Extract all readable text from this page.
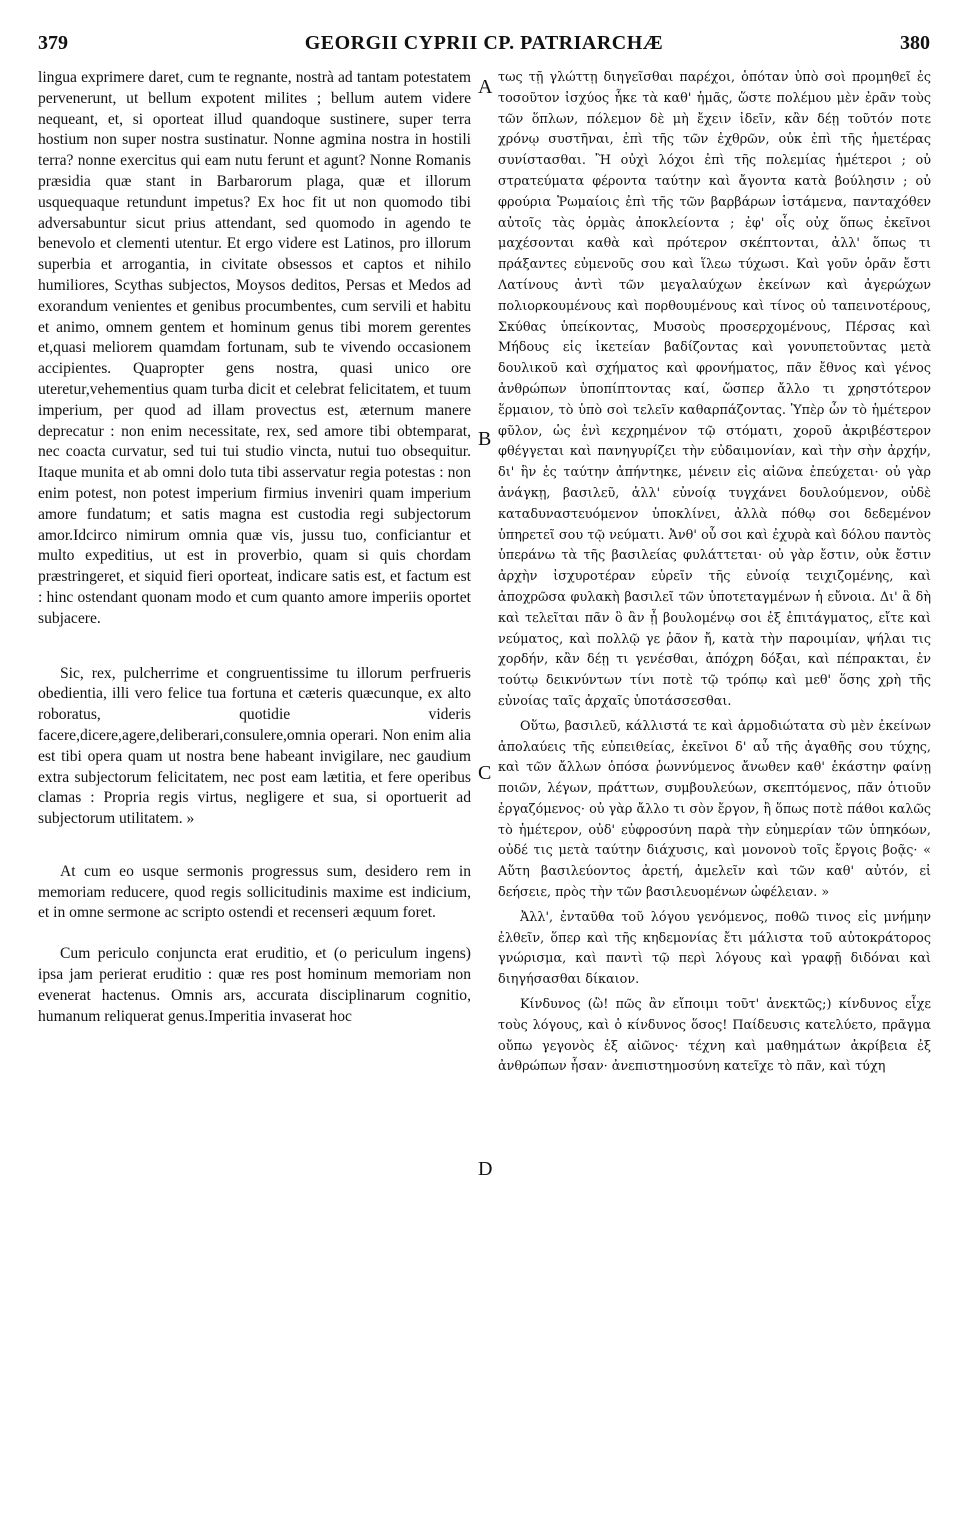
379	GEORGII CYPRII CP. PATRIARCHÆ	380

lingua exprimere daret, cum te regnante, nostrà ad tantam potestatem pervenerunt, ut bellum expotent milites ; bellum autem videre nequeant, et, si oporteat illud quandoque sustinere, super terra hostium non super nostra sustinatur. Nonne agmina nostra in hostili terra? nonne exercitus qui eam nutu ferunt et agunt? Nonne Romanis præsidia quæ stant in Barbarorum plaga, quæ et illorum usquequaque retundunt impetus? Ex hoc fit ut non quomodo tibi adversabuntur sicut prius attendant, sed quomodo in agendo te benevolo et clementi utentur. Et ergo videre est Latinos, pro illorum superbia et arrogantia, in civitate obsessos et captos et nihilo humiliores, Scythas subjectos, Moysos deditos, Persas et Medos ad exorandum venientes et genibus procumbentes, cum servili et habitu et animo, omnem gentem et hominum genus tibi morem gerentes et,quasi meliorem quamdam fortunam, sub te vivendo occasionem accipientes. Quapropter gens nostra, quasi unico ore uteretur,vehementius quam turba dicit et celebrat felicitatem, et tuum imperium, per quod ad illam provectus est, æternum manere deprecatur : non enim necessitate, rex, sed amore tibi obtemparat, nec coacta curvatur, sed tui tui studio vincta, nutui tuo obsequitur. Itaque munita et ab omni dolo tuta tibi asservatur regia potestas : non enim potest, non potest imperium firmius inveniri quam imperium amore fundatum; et satis magna est custodia regi subjectorum amor.Idcirco nimirum omnia quæ vis, jussu tuo, conficiantur et multo expeditius, ut est in proverbio, quam si quis chordam præstringeret, et siquid fieri oporteat, indicare satis est, et factum est : hinc ostendant quonam modo et cum quanto amore imperiis oportet subjacere.

Sic, rex, pulcherrime et congruentissime tu illorum perfrueris obedientia, illi vero felice tua fortuna et cæteris quæcunque, ex alto roboratus, quotidie videris facere,dicere,agere,deliberari,consulere,omnia operari. Non enim alia est tibi opera quam ut nostra bene habeant invigilare, nec gaudium extra subjectorum felicitatem, nec post eam lætitia, et fere operibus clamas : Propria regis virtus, negligere et sua, si oportuerit ad subjectorum utilitatem. »

At cum eo usque sermonis progressus sum, desidero rem in memoriam reducere, quod regis sollicitudinis maxime est indicium, et in omne sermone ac scripto ostendi et recenseri æquum foret.

Cum periculo conjuncta erat eruditio, et (o periculum ingens) ipsa jam perierat eruditio : quæ res post hominum memoriam non evenerat hactenus. Omnis ars, accurata disciplinarum cognitio, humanum reliquerat genus.Imperitia invaserat hoc

A
B
C
D

τως τῇ γλώττῃ διηγεῖσθαι παρέχοι, ὁπόταν ὑπὸ σοὶ προμηθεῖ ἐς τοσοῦτον ἰσχύος ἧκε τὰ καθ' ἡμᾶς, ὥστε πολέμου μὲν ἐρᾶν τοὺς τῶν ὅπλων, πόλεμον δὲ μὴ ἔχειν ἰδεῖν, κἂν δέῃ τοῦτόν ποτε χρόνῳ συστῆναι, ἐπὶ τῆς τῶν ἐχθρῶν, οὐκ ἐπὶ τῆς ἡμετέρας συνίστασθαι. Ἢ οὐχὶ λόχοι ἐπὶ τῆς πολεμίας ἡμέτεροι ; οὐ στρατεύματα φέροντα ταύτην καὶ ἄγοντα κατὰ βούλησιν ; οὐ φρούρια Ῥωμαίοις ἐπὶ τῆς τῶν βαρβάρων ἱστάμενα, πανταχόθεν αὐτοῖς τὰς ὁρμὰς ἀποκλείοντα ; ἐφ' οἷς οὐχ ὅπως ἐκεῖνοι μαχέσονται καθὰ καὶ πρότερον σκέπτονται, ἀλλ' ὅπως τι πράξαντες εὐμενοῦς σου καὶ ἵλεω τύχωσι. Καὶ γοῦν ὁρᾶν ἔστι Λατίνους ἀντὶ τῶν μεγαλαύχων ἐκείνων καὶ ἀγερώχων πολιορκουμένους καὶ πορθουμένους καὶ τίνος οὐ ταπεινοτέρους, Σκύθας ὑπείκοντας, Μυσοὺς προσερχομένους, Πέρσας καὶ Μήδους εἰς ἱκετείαν βαδίζοντας καὶ γονυπετοῦντας μετὰ δουλικοῦ καὶ σχήματος καὶ φρονήματος, πᾶν ἔθνος καὶ γένος ἀνθρώπων ὑποπίπτοντας καί, ὥσπερ ἄλλο τι χρηστότερον ἕρμαιον, τὸ ὑπὸ σοὶ τελεῖν καθαρπάζοντας. Ὑπὲρ ὧν τὸ ἡμέτερον φῦλον, ὡς ἑνὶ κεχρημένον τῷ στόματι, χοροῦ ἀκριβέστερον φθέγγεται καὶ πανηγυρίζει τὴν εὐδαιμονίαν, καὶ τὴν σὴν ἀρχήν, δι' ἣν ἐς ταύτην ἀπήντηκε, μένειν εἰς αἰῶνα ἐπεύχεται· οὐ γὰρ ἀνάγκῃ, βασιλεῦ, ἀλλ' εὐνοίᾳ τυγχάνει δουλούμενον, οὐδὲ καταδυναστευόμενον ὑποκλίνει, ἀλλὰ πόθῳ σοι δεδεμένον ὑπηρετεῖ σου τῷ νεύματι. Ἀνθ' οὗ σοι καὶ ἐχυρὰ καὶ δόλου παντὸς ὑπεράνω τὰ τῆς βασιλείας φυλάττεται· οὐ γὰρ ἔστιν, οὐκ ἔστιν ἀρχὴν ἰσχυροτέραν εὑρεῖν τῆς εὐνοίᾳ τειχιζομένης, καὶ ἀποχρῶσα φυλακὴ βασιλεῖ τῶν ὑποτεταγμένων ἡ εὔνοια. Δι' ἃ δὴ καὶ τελεῖται πᾶν ὃ ἂν ᾖ βουλομένῳ σοι ἐξ ἐπιτάγματος, εἴτε καὶ νεύματος, καὶ πολλῷ γε ῥᾶον ἤ, κατὰ τὴν παροιμίαν, ψήλαι τις χορδήν, κἂν δέῃ τι γενέσθαι, ἀπόχρη δόξαι, καὶ πέπρακται, ἐν τούτῳ δεικνύντων τίνι ποτὲ τῷ τρόπῳ καὶ μεθ' ὅσης χρὴ τῆς εὐνοίας ταῖς ἀρχαῖς ὑποτάσσεσθαι.

Οὕτω, βασιλεῦ, κάλλιστά τε καὶ ἁρμοδιώτατα σὺ μὲν ἐκείνων ἀπολαύεις τῆς εὐπειθείας, ἐκεῖνοι δ' αὖ τῆς ἀγαθῆς σου τύχης, καὶ τῶν ἄλλων ὁπόσα ῥωννύμενος ἄνωθεν καθ' ἑκάστην φαίνῃ ποιῶν, λέγων, πράττων, συμβουλεύων, σκεπτόμενος, πᾶν ὁτιοῦν ἐργαζόμενος· οὐ γὰρ ἄλλο τι σὸν ἔργον, ἢ ὅπως ποτὲ πάθοι καλῶς τὸ ἡμέτερον, οὐδ' εὐφροσύνη παρὰ τὴν εὐημερίαν τῶν ὑπηκόων, οὐδέ τις μετὰ ταύτην διάχυσις, καὶ μονονοὺ τοῖς ἔργοις βοᾷς· « Αὕτη βασιλεύοντος ἀρετή, ἀμελεῖν καὶ τῶν καθ' αὐτόν, εἰ δεήσειε, πρὸς τὴν τῶν βασιλευομένων ὠφέλειαν. »

Ἀλλ', ἐνταῦθα τοῦ λόγου γενόμενος, ποθῶ τινος εἰς μνήμην ἐλθεῖν, ὅπερ καὶ τῆς κηδεμονίας ἔτι μάλιστα τοῦ αὐτοκράτορος γνώρισμα, καὶ παντὶ τῷ περὶ λόγους καὶ γραφῇ διδόναι καὶ διηγήσασθαι δίκαιον.

Κίνδυνος (ὢ! πῶς ἂν εἴποιμι τοῦτ' ἀνεκτῶς;) κίνδυνος εἶχε τοὺς λόγους, καὶ ὁ κίνδυνος ὅσος! Παίδευσις κατελύετο, πρᾶγμα οὔπω γεγονὸς ἐξ αἰῶνος· τέχνη καὶ μαθημάτων ἀκρίβεια ἐξ ἀνθρώπων ἦσαν· ἀνεπιστημοσύνη κατεῖχε τὸ πᾶν, καὶ τύχη
